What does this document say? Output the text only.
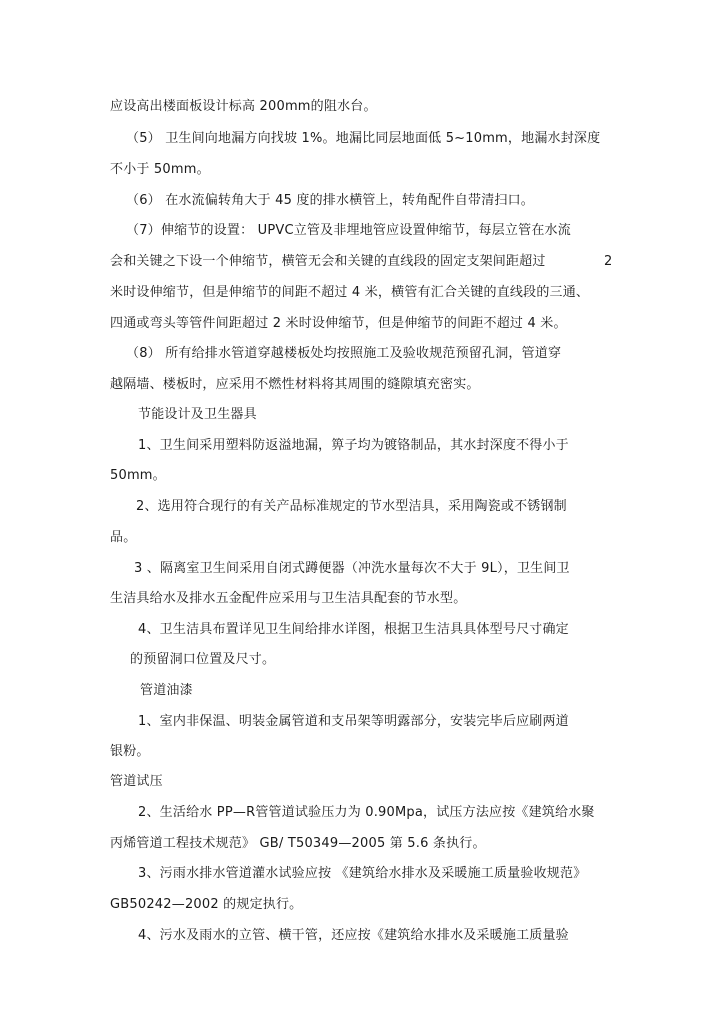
应设高出楼面板设计标高 200mm的阻水台。
（5） 卫生间向地漏方向找坡 1%。地漏比同层地面低 5~10mm，地漏水封深度
不小于 50mm。
（6） 在水流偏转角大于 45 度的排水横管上，转角配件自带清扫口。
（7）伸缩节的设置： UPVC立管及非埋地管应设置伸缩节，每层立管在水流
会和关键之下设一个伸缩节，横管无会和关键的直线段的固定支架间距超过	2
米时设伸缩节，但是伸缩节的间距不超过 4 米，横管有汇合关键的直线段的三通、
四通或弯头等管件间距超过 2 米时设伸缩节，但是伸缩节的间距不超过 4 米。
（8） 所有给排水管道穿越楼板处均按照施工及验收规范预留孔洞，管道穿
越隔墙、楼板时，应采用不燃性材料将其周围的缝隙填充密实。
节能设计及卫生器具
1、卫生间采用塑料防返溢地漏，箅子均为镀铬制品，其水封深度不得小于
50mm。
2、选用符合现行的有关产品标准规定的节水型洁具，采用陶瓷或不锈钢制
品。
3 、隔离室卫生间采用自闭式蹲便器（冲洗水量每次不大于 9L），卫生间卫
生洁具给水及排水五金配件应采用与卫生洁具配套的节水型。
4、卫生洁具布置详见卫生间给排水详图，根据卫生洁具具体型号尺寸确定
的预留洞口位置及尺寸。
管道油漆
1、室内非保温、明装金属管道和支吊架等明露部分，安装完毕后应刷两道
银粉。
管道试压
2、生活给水 PP—R管管道试验压力为 0.90Mpa，试压方法应按《建筑给水聚
丙烯管道工程技术规范》 GB/ T50349—2005 第 5.6 条执行。
3、污雨水排水管道灌水试验应按 《建筑给水排水及采暖施工质量验收规范》
GB50242—2002 的规定执行。
4、污水及雨水的立管、横干管，还应按《建筑给水排水及采暖施工质量验
